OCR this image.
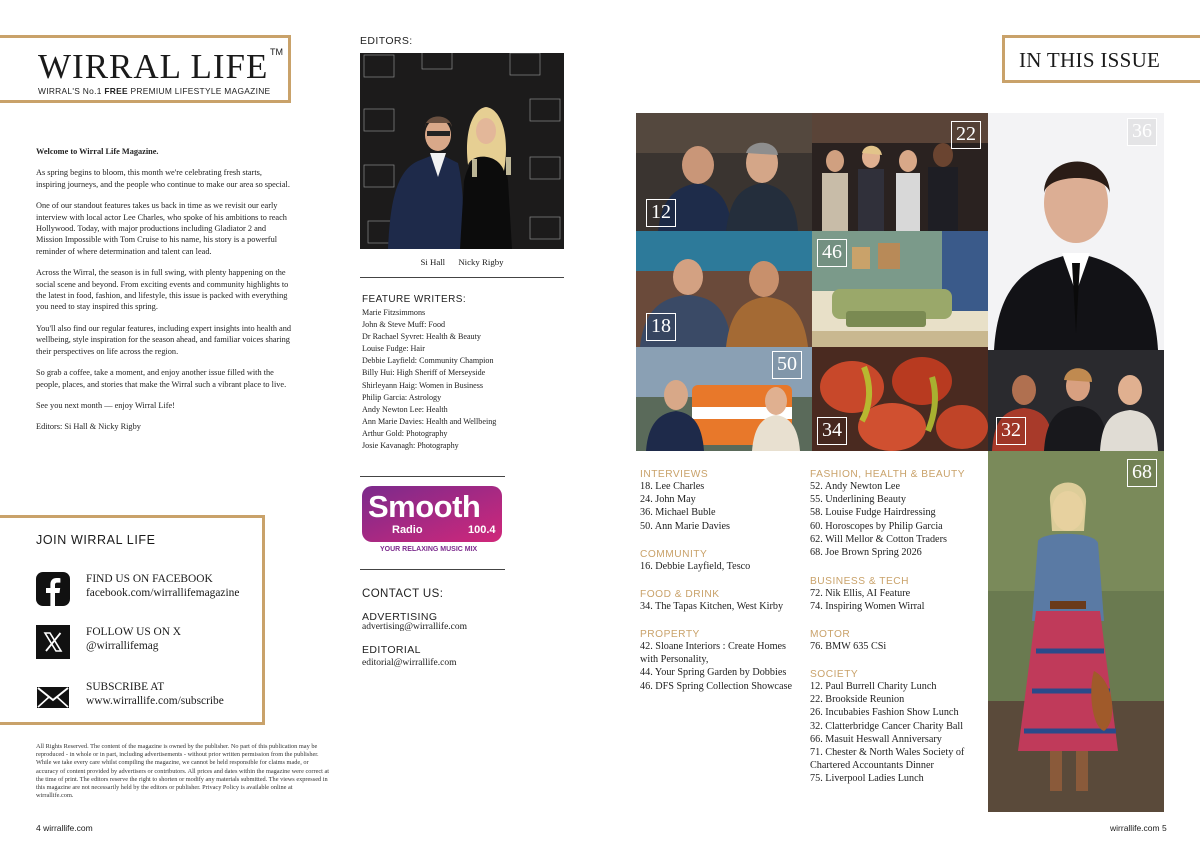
WIRRAL LIFE TM
WIRRAL'S No.1 FREE PREMIUM LIFESTYLE MAGAZINE

Welcome to Wirral Life Magazine.

As spring begins to bloom, this month we're celebrating fresh starts, inspiring journeys, and the people who continue to make our area so special.

One of our standout features takes us back in time as we revisit our early interview with local actor Lee Charles, who spoke of his ambitions to reach Hollywood. Today, with major productions including Gladiator 2 and Mission Impossible with Tom Cruise to his name, his story is a powerful reminder of where determination and talent can lead.

Across the Wirral, the season is in full swing, with plenty happening on the social scene and beyond. From exciting events and community highlights to the latest in food, fashion, and lifestyle, this issue is packed with everything you need to stay inspired this spring.

You'll also find our regular features, including expert insights into health and wellbeing, style inspiration for the season ahead, and familiar voices sharing their perspectives on life across the region.

So grab a coffee, take a moment, and enjoy another issue filled with the people, places, and stories that make the Wirral such a vibrant place to live.

See you next month — enjoy Wirral Life!

Editors: Si Hall & Nicky Rigby

JOIN WIRRAL LIFE
FIND US ON FACEBOOK
facebook.com/wirrallifemagazine
FOLLOW US ON X
@wirrallifemag
SUBSCRIBE AT
www.wirrallife.com/subscribe
All Rights Reserved. The content of the magazine is owned by the publisher. No part of this publication may be reproduced - in whole or in part, including advertisements - without prior written permission from the publisher. While we take every care whilst compiling the magazine, we cannot be held responsible for claims made, or accuracy of content provided by advertisers or contributors. All prices and dates within the magazine were correct at the time of print. The editors reserve the right to shorten or modify any materials submitted. The views expressed in this magazine are not necessarily held by the editors or publisher. Privacy Policy is available online at wirrallife.com.
4 wirrallife.com
EDITORS:
Si Hall Nicky Rigby
FEATURE WRITERS:
Marie Fitzsimmons
John & Steve Muff: Food
Dr Rachael Syvret: Health & Beauty
Louise Fudge: Hair
Debbie Layfield: Community Champion
Billy Hui: High Sheriff of Merseyside
Shirleyann Haig: Women in Business
Philip Garcia: Astrology
Andy Newton Lee: Health
Ann Marie Davies: Health and Wellbeing
Arthur Gold: Photography
Josie Kavanagh: Photography
Smooth
Radio	100.4
YOUR RELAXING MUSIC MIX
CONTACT US:
ADVERTISING
advertising@wirrallife.com
EDITORIAL
editorial@wirrallife.com
IN THIS ISSUE
12
22	36
18
46
50
34	32
68
INTERVIEWS
18. Lee Charles
24. John May
36. Michael Buble
50. Ann Marie Davies
COMMUNITY
16. Debbie Layfield, Tesco
FOOD & DRINK
34. The Tapas Kitchen, West Kirby
PROPERTY
42. Sloane Interiors : Create Homes
with Personality,
44. Your Spring Garden by Dobbies
46. DFS Spring Collection Showcase
FASHION, HEALTH & BEAUTY
52. Andy Newton Lee
55. Underlining Beauty
58. Louise Fudge Hairdressing
60. Horoscopes by Philip Garcia
62. Will Mellor & Cotton Traders
68. Joe Brown Spring 2026
BUSINESS & TECH
72. Nik Ellis, AI Feature
74. Inspiring Women Wirral
MOTOR
76. BMW 635 CSi
SOCIETY
12. Paul Burrell Charity Lunch
22. Brookside Reunion
26. Incubabies Fashion Show Lunch
32. Clatterbridge Cancer Charity Ball
66. Masuit Heswall Anniversary
71. Chester & North Wales Society of
Chartered Accountants Dinner
75. Liverpool Ladies Lunch
wirrallife.com 5
